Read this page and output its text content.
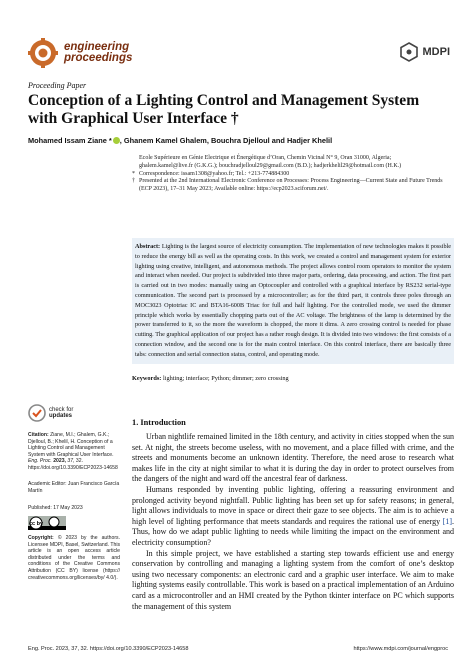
engineering
proceedings	MDPI
Proceeding Paper
Conception of a Lighting Control and Management System with Graphical User Interface †
Mohamed Issam Ziane * , Ghanem Kamel Ghalem, Bouchra Djelloul and Hadjer Khelil
Ecole Supérieure en Génie Electrique et Énergétique d’Oran, Chemin Vicinal N° 9, Oran 31000, Algeria;
ghalem.kamel@live.fr (G.K.G.); bouchradjelloul29@gmail.com (B.D.); hadjerkhelil29@hotmail.com (H.K.)
* Correspondence: issam1308@yahoo.fr; Tel.: +213-774884300
† Presented at the 2nd International Electronic Conference on Processes: Process Engineering—Current State and Future Trends (ECP 2023), 17–31 May 2023; Available online: https://ecp2023.sciforum.net/.
Abstract: Lighting is the largest source of electricity consumption. The implementation of new technologies makes it possible to reduce the energy bill as well as the operating costs. In this work, we created a control and management system for exterior lighting using creative, intelligent, and autonomous methods. The project allows control room operators to monitor the system and interact when needed. Our project is subdivided into three major parts, ordering, data processing, and action. The first part is carried out in two modes: manually using an Optocoupler and controlled with a graphical interface by RS232 serial-type communication. The second part is processed by a microcontroller; as for the third part, it controls three poles through an MOC3023 Optotriac IC and BTA16-600B Triac for full and half lighting. For the controlled mode, we used the dimmer principle which works by essentially chopping parts out of the AC voltage. The brightness of the lamp is determined by the power transferred to it, so the more the waveform is chopped, the more it dims. A zero crossing control is needed for phase cutting. The graphical application of our project has a rather rough design. It is divided into two windows: the first consists of a connection window, and the second one is for the main control interface. On this control interface, there are basically three tabs: connection and serial connection status, control, and operating mode.
Keywords: lighting; interface; Python; dimmer; zero crossing
check for
updates
Citation: Ziane, M.I.; Ghalem, G.K.; Djelloul, B.; Khelil, H. Conception of a Lighting Control and Management System with Graphical User Interface. Eng. Proc. 2023, 37, 32. https://doi.org/10.3390/ECP2023-14658
Academic Editor: Juan Francisco García Martín
Published: 17 May 2023
cc by
Copyright: © 2023 by the authors. Licensee MDPI, Basel, Switzerland. This article is an open access article distributed under the terms and conditions of the Creative Commons Attribution (CC BY) license (https:// creativecommons.org/licenses/by/ 4.0/).
1. Introduction

Urban nightlife remained limited in the 18th century, and activity in cities stopped when the sun set. At night, the streets become useless, with no movement, and a place filled with crime, and the streets and monuments become an unknown identity. Therefore, the need arose to research what makes life in the city at night similar to what it is during the day in order to protect ourselves from the dangers of the night and ward off the ancestral fear of darkness.

Humans responded by inventing public lighting, offering a reassuring environment and prolonged activity beyond nightfall. Public lighting has been set up for safety reasons; in general, light allows individuals to move in space or direct their gaze to see objects. The aim is to achieve a high level of lighting performance that meets standards and requires the rational use of energy [1]. Thus, how do we adapt public lighting to needs while limiting the impact on the environment and electricity consumption?

In this simple project, we have established a starting step towards efficient use and energy conservation by controlling and managing a lighting system from the comfort of one’s desktop using two necessary components: an electronic card and a graphic user interface. We aim to make lighting systems easily controllable. This work is based on a practical implementation of an Arduino card as a microcontroller and an HMI created by the Python tkinter interface on PC which supports the management of this system

Eng. Proc. 2023, 37, 32. https://doi.org/10.3390/ECP2023-14658	https://www.mdpi.com/journal/engproc
